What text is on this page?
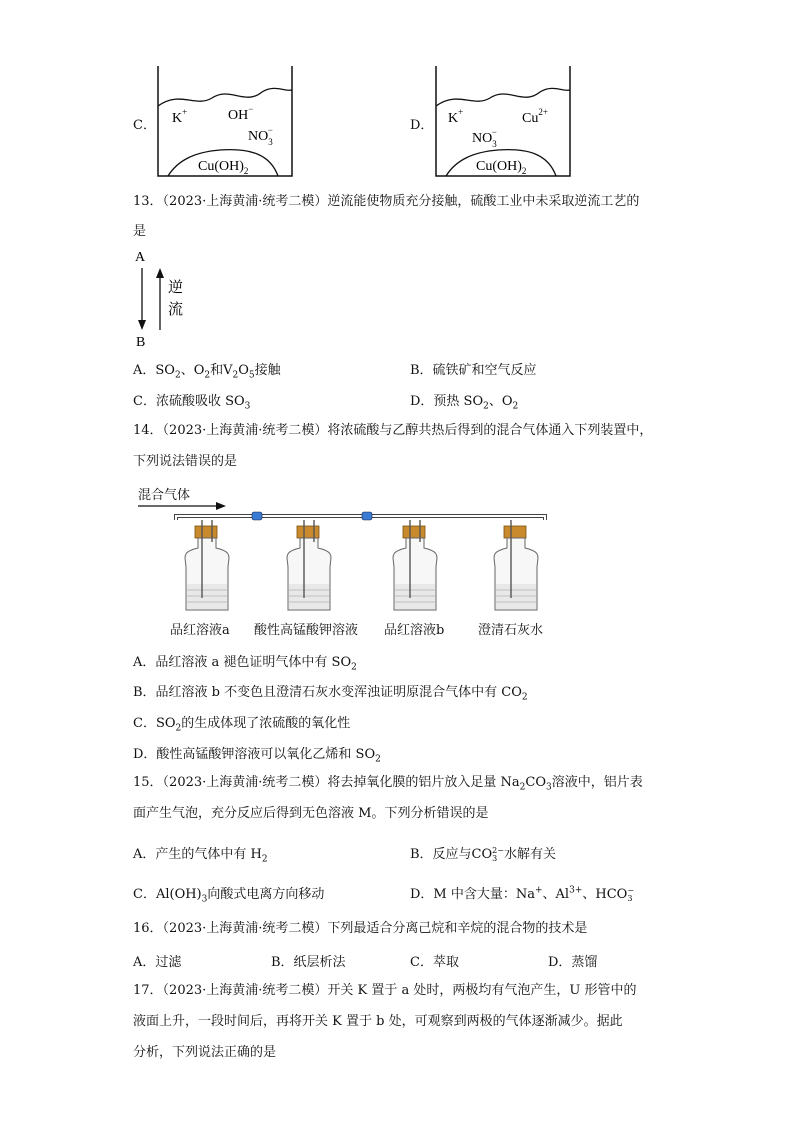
C． K+	OH−
$NO_3-$
$Cu(OH)_2$
D． K+	$Cu^{2+}$
$NO_3-$
$Cu(OH)_2$
13．（2023·上海黄浦·统考二模）逆流能使物质充分接触，硫酸工业中未采取逆流工艺的
是
A
逆
流
B
A．$SO_2$、$O_2$和$V_2O_5$接触	B．硫铁矿和空气反应
C．浓硫酸吸收 $SO_3$	D．预热 $SO_2$、$O_2$
14．（2023·上海黄浦·统考二模）将浓硫酸与乙醇共热后得到的混合气体通入下列装置中，
下列说法错误的是
混合气体
品红溶液a 酸性高锰酸钾溶液 品红溶液b	澄清石灰水
A．品红溶液 a 褪色证明气体中有 $SO_2$
B．品红溶液 b 不变色且澄清石灰水变浑浊证明原混合气体中有 $CO_2$
C．$SO_2$的生成体现了浓硫酸的氧化性
D．酸性高锰酸钾溶液可以氧化乙烯和 $SO_2$
15．（2023·上海黄浦·统考二模）将去掉氧化膜的铝片放入足量 $Na_2CO_3$溶液中，铝片表
面产生气泡，充分反应后得到无色溶液 M。下列分析错误的是
A．产生的气体中有 $H_2$	B．反应与CO 2−
3 水解有关
C．$Al(OH)_3$向酸式电离方向移动	D．M 中含大量：Na+、$Al^{3+}$、HCO −
3
16．（2023·上海黄浦·统考二模）下列最适合分离己烷和辛烷的混合物的技术是
A．过滤	B．纸层析法	C．萃取	D．蒸馏
17．（2023·上海黄浦·统考二模）开关 K 置于 a 处时，两极均有气泡产生，U 形管中的
液面上升，一段时间后，再将开关 K 置于 b 处，可观察到两极的气体逐渐减少。据此
分析，下列说法正确的是
